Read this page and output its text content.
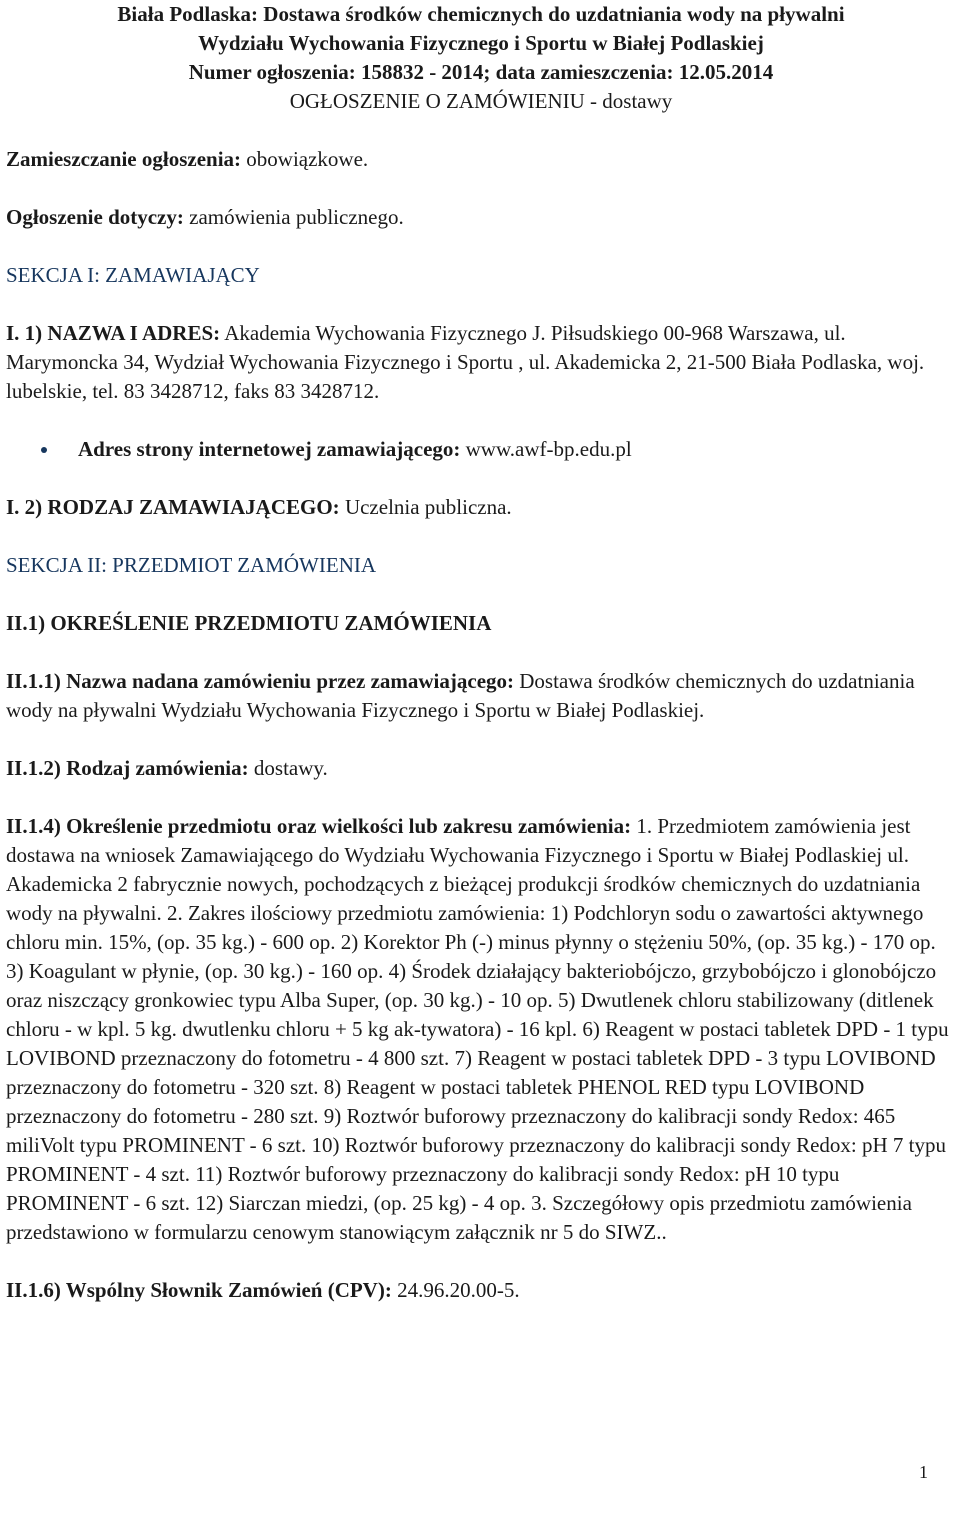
Biała Podlaska: Dostawa środków chemicznych do uzdatniania wody na pływalni
Wydziału Wychowania Fizycznego i Sportu w Białej Podlaskiej
Numer ogłoszenia: 158832 - 2014; data zamieszczenia: 12.05.2014
OGŁOSZENIE O ZAMÓWIENIU - dostawy

Zamieszczanie ogłoszenia: obowiązkowe.

Ogłoszenie dotyczy: zamówienia publicznego.

SEKCJA I: ZAMAWIAJĄCY

I. 1) NAZWA I ADRES: Akademia Wychowania Fizycznego J. Piłsudskiego 00-968 Warszawa, ul. Marymoncka 34, Wydział Wychowania Fizycznego i Sportu , ul. Akademicka 2, 21-500 Biała Podlaska, woj. lubelskie, tel. 83 3428712, faks 83 3428712.

Adres strony internetowej zamawiającego: www.awf-bp.edu.pl

I. 2) RODZAJ ZAMAWIAJĄCEGO: Uczelnia publiczna.

SEKCJA II: PRZEDMIOT ZAMÓWIENIA

II.1) OKREŚLENIE PRZEDMIOTU ZAMÓWIENIA

II.1.1) Nazwa nadana zamówieniu przez zamawiającego: Dostawa środków chemicznych do uzdatniania wody na pływalni Wydziału Wychowania Fizycznego i Sportu w Białej Podlaskiej.

II.1.2) Rodzaj zamówienia: dostawy.

II.1.4) Określenie przedmiotu oraz wielkości lub zakresu zamówienia: 1. Przedmiotem zamówienia jest dostawa na wniosek Zamawiającego do Wydziału Wychowania Fizycznego i Sportu w Białej Podlaskiej ul. Akademicka 2 fabrycznie nowych, pochodzących z bieżącej produkcji środków chemicznych do uzdatniania wody na pływalni. 2. Zakres ilościowy przedmiotu zamówienia: 1) Podchloryn sodu o zawartości aktywnego chloru min. 15%, (op. 35 kg.) - 600 op. 2) Korektor Ph (-) minus płynny o stężeniu 50%, (op. 35 kg.) - 170 op. 3) Koagulant w płynie, (op. 30 kg.) - 160 op. 4) Środek działający bakteriobójczo, grzybobójczo i glonobójczo oraz niszczący gronkowiec typu Alba Super, (op. 30 kg.) - 10 op. 5) Dwutlenek chloru stabilizowany (ditlenek chloru - w kpl. 5 kg. dwutlenku chloru + 5 kg ak-tywatora) - 16 kpl. 6) Reagent w postaci tabletek DPD - 1 typu LOVIBOND przeznaczony do fotometru - 4 800 szt. 7) Reagent w postaci tabletek DPD - 3 typu LOVIBOND przeznaczony do fotometru - 320 szt. 8) Reagent w postaci tabletek PHENOL RED typu LOVIBOND przeznaczony do fotometru - 280 szt. 9) Roztwór buforowy przeznaczony do kalibracji sondy Redox: 465 miliVolt typu PROMINENT - 6 szt. 10) Roztwór buforowy przeznaczony do kalibracji sondy Redox: pH 7 typu PROMINENT - 4 szt. 11) Roztwór buforowy przeznaczony do kalibracji sondy Redox: pH 10 typu PROMINENT - 6 szt. 12) Siarczan miedzi, (op. 25 kg) - 4 op. 3. Szczegółowy opis przedmiotu zamówienia przedstawiono w formularzu cenowym stanowiącym załącznik nr 5 do SIWZ..

II.1.6) Wspólny Słownik Zamówień (CPV): 24.96.20.00-5.

1
